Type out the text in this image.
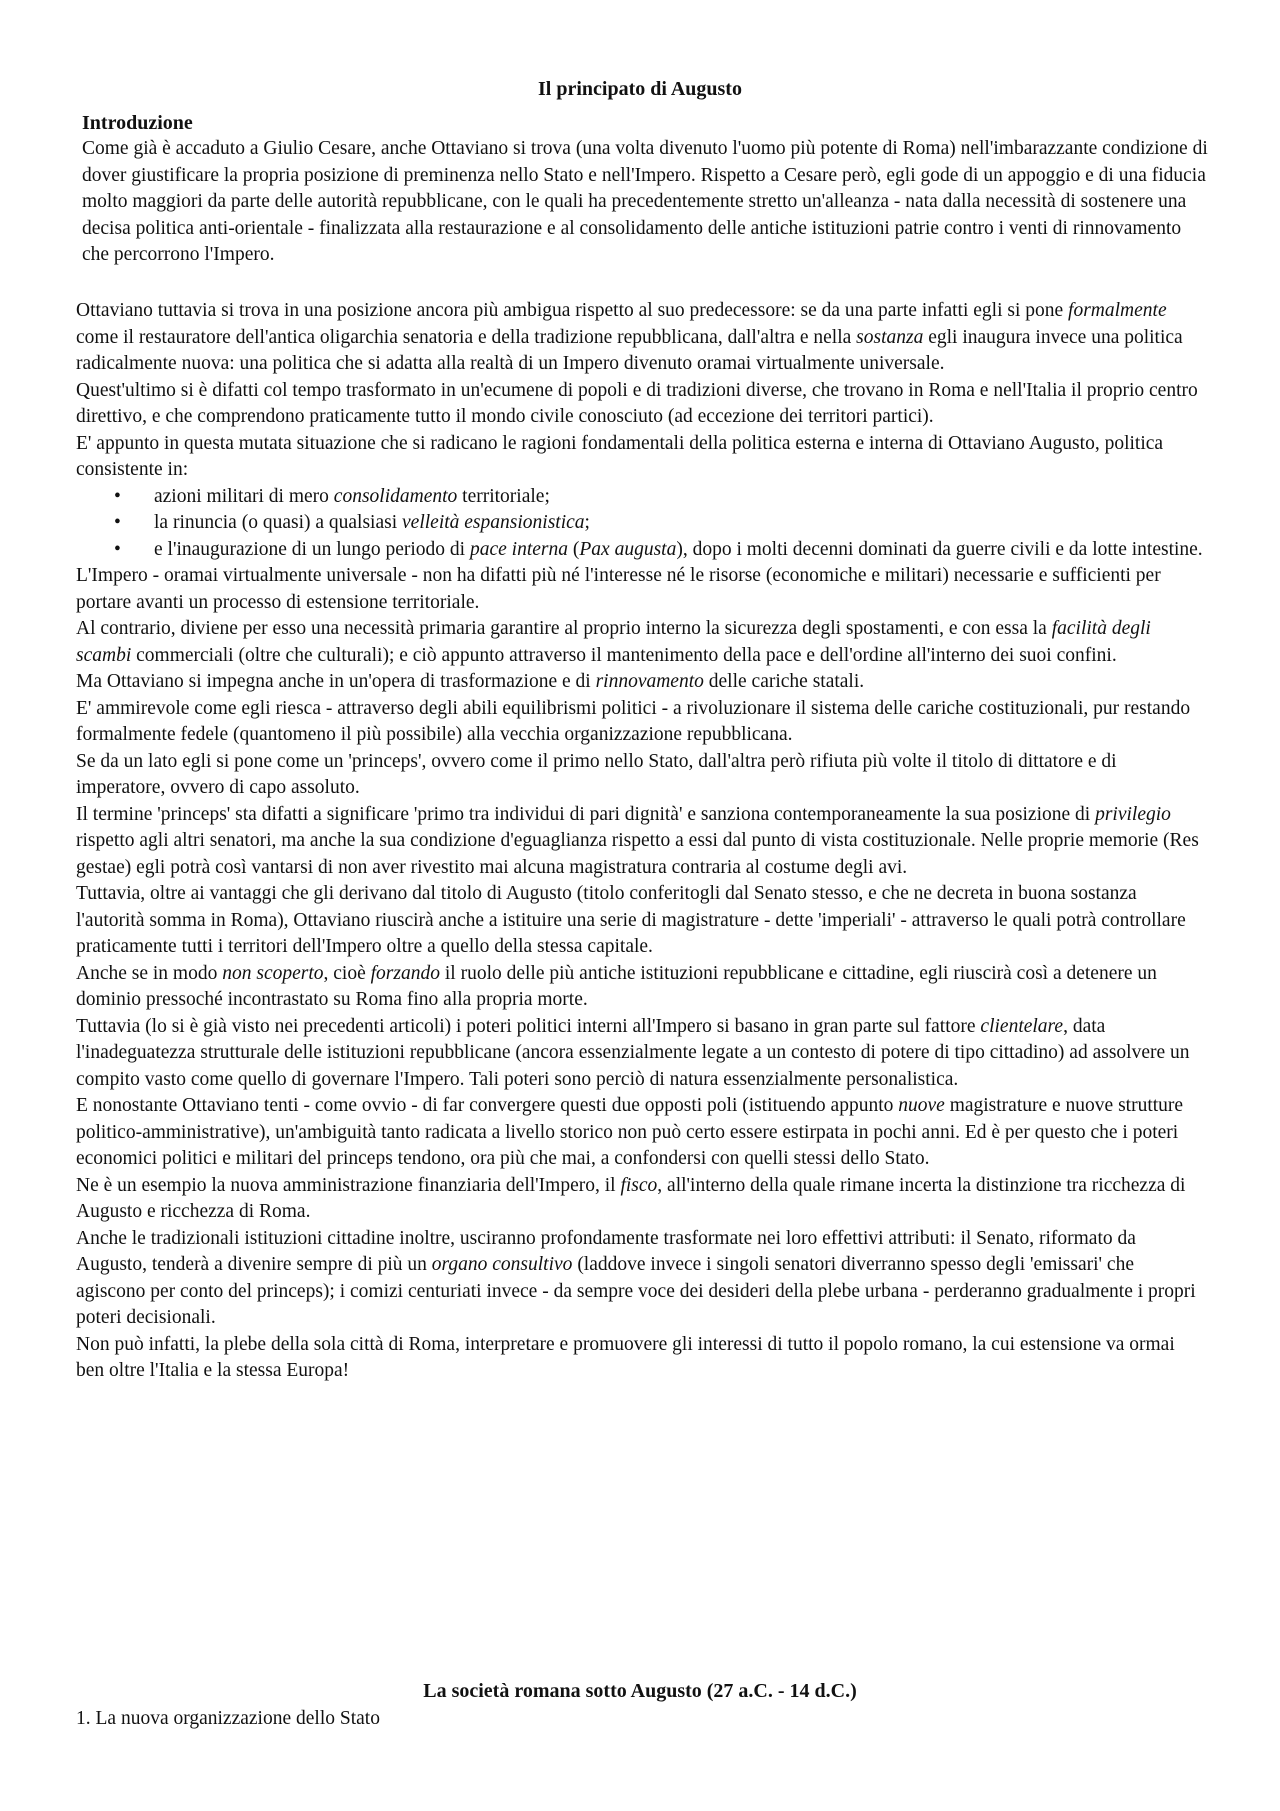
Il principato di Augusto
Introduzione

Come già è accaduto a Giulio Cesare, anche Ottaviano si trova (una volta divenuto l'uomo più potente di Roma) nell'imbarazzante condizione di dover giustificare la propria posizione di preminenza nello Stato e nell'Impero. Rispetto a Cesare però, egli gode di un appoggio e di una fiducia molto maggiori da parte delle autorità repubblicane, con le quali ha precedentemente stretto un'alleanza - nata dalla necessità di sostenere una decisa politica anti-orientale - finalizzata alla restaurazione e al consolidamento delle antiche istituzioni patrie contro i venti di rinnovamento che percorrono l'Impero.

Ottaviano tuttavia si trova in una posizione ancora più ambigua rispetto al suo predecessore: se da una parte infatti egli si pone formalmente come il restauratore dell'antica oligarchia senatoria e della tradizione repubblicana, dall'altra e nella sostanza egli inaugura invece una politica radicalmente nuova: una politica che si adatta alla realtà di un Impero divenuto oramai virtualmente universale.

Quest'ultimo si è difatti col tempo trasformato in un'ecumene di popoli e di tradizioni diverse, che trovano in Roma e nell'Italia il proprio centro direttivo, e che comprendono praticamente tutto il mondo civile conosciuto (ad eccezione dei territori partici).

E' appunto in questa mutata situazione che si radicano le ragioni fondamentali della politica esterna e interna di Ottaviano Augusto, politica consistente in:

• azioni militari di mero consolidamento territoriale;
• la rinuncia (o quasi) a qualsiasi velleità espansionistica;
• e l'inaugurazione di un lungo periodo di pace interna (Pax augusta), dopo i molti decenni dominati da guerre civili e da lotte intestine.

L'Impero - oramai virtualmente universale - non ha difatti più né l'interesse né le risorse (economiche e militari) necessarie e sufficienti per portare avanti un processo di estensione territoriale.

Al contrario, diviene per esso una necessità primaria garantire al proprio interno la sicurezza degli spostamenti, e con essa la facilità degli scambi commerciali (oltre che culturali); e ciò appunto attraverso il mantenimento della pace e dell'ordine all'interno dei suoi confini.

Ma Ottaviano si impegna anche in un'opera di trasformazione e di rinnovamento delle cariche statali.

E' ammirevole come egli riesca - attraverso degli abili equilibrismi politici - a rivoluzionare il sistema delle cariche costituzionali, pur restando formalmente fedele (quantomeno il più possibile) alla vecchia organizzazione repubblicana.

Se da un lato egli si pone come un 'princeps', ovvero come il primo nello Stato, dall'altra però rifiuta più volte il titolo di dittatore e di imperatore, ovvero di capo assoluto.

Il termine 'princeps' sta difatti a significare 'primo tra individui di pari dignità' e sanziona contemporaneamente la sua posizione di privilegio rispetto agli altri senatori, ma anche la sua condizione d'eguaglianza rispetto a essi dal punto di vista costituzionale. Nelle proprie memorie (Res gestae) egli potrà così vantarsi di non aver rivestito mai alcuna magistratura contraria al costume degli avi.

Tuttavia, oltre ai vantaggi che gli derivano dal titolo di Augusto (titolo conferitogli dal Senato stesso, e che ne decreta in buona sostanza l'autorità somma in Roma), Ottaviano riuscirà anche a istituire una serie di magistrature - dette 'imperiali' - attraverso le quali potrà controllare praticamente tutti i territori dell'Impero oltre a quello della stessa capitale.

Anche se in modo non scoperto, cioè forzando il ruolo delle più antiche istituzioni repubblicane e cittadine, egli riuscirà così a detenere un dominio pressoché incontrastato su Roma fino alla propria morte.

Tuttavia (lo si è già visto nei precedenti articoli) i poteri politici interni all'Impero si basano in gran parte sul fattore clientelare, data l'inadeguatezza strutturale delle istituzioni repubblicane (ancora essenzialmente legate a un contesto di potere di tipo cittadino) ad assolvere un compito vasto come quello di governare l'Impero. Tali poteri sono perciò di natura essenzialmente personalistica.

E nonostante Ottaviano tenti - come ovvio - di far convergere questi due opposti poli (istituendo appunto nuove magistrature e nuove strutture politico-amministrative), un'ambiguità tanto radicata a livello storico non può certo essere estirpata in pochi anni. Ed è per questo che i poteri economici politici e militari del princeps tendono, ora più che mai, a confondersi con quelli stessi dello Stato.

Ne è un esempio la nuova amministrazione finanziaria dell'Impero, il fisco, all'interno della quale rimane incerta la distinzione tra ricchezza di Augusto e ricchezza di Roma.

Anche le tradizionali istituzioni cittadine inoltre, usciranno profondamente trasformate nei loro effettivi attributi: il Senato, riformato da Augusto, tenderà a divenire sempre di più un organo consultivo (laddove invece i singoli senatori diverranno spesso degli 'emissari' che agiscono per conto del princeps); i comizi centuriati invece - da sempre voce dei desideri della plebe urbana - perderanno gradualmente i propri poteri decisionali.

Non può infatti, la plebe della sola città di Roma, interpretare e promuovere gli interessi di tutto il popolo romano, la cui estensione va ormai ben oltre l'Italia e la stessa Europa!

La società romana sotto Augusto (27 a.C. - 14 d.C.)
1. La nuova organizzazione dello Stato
